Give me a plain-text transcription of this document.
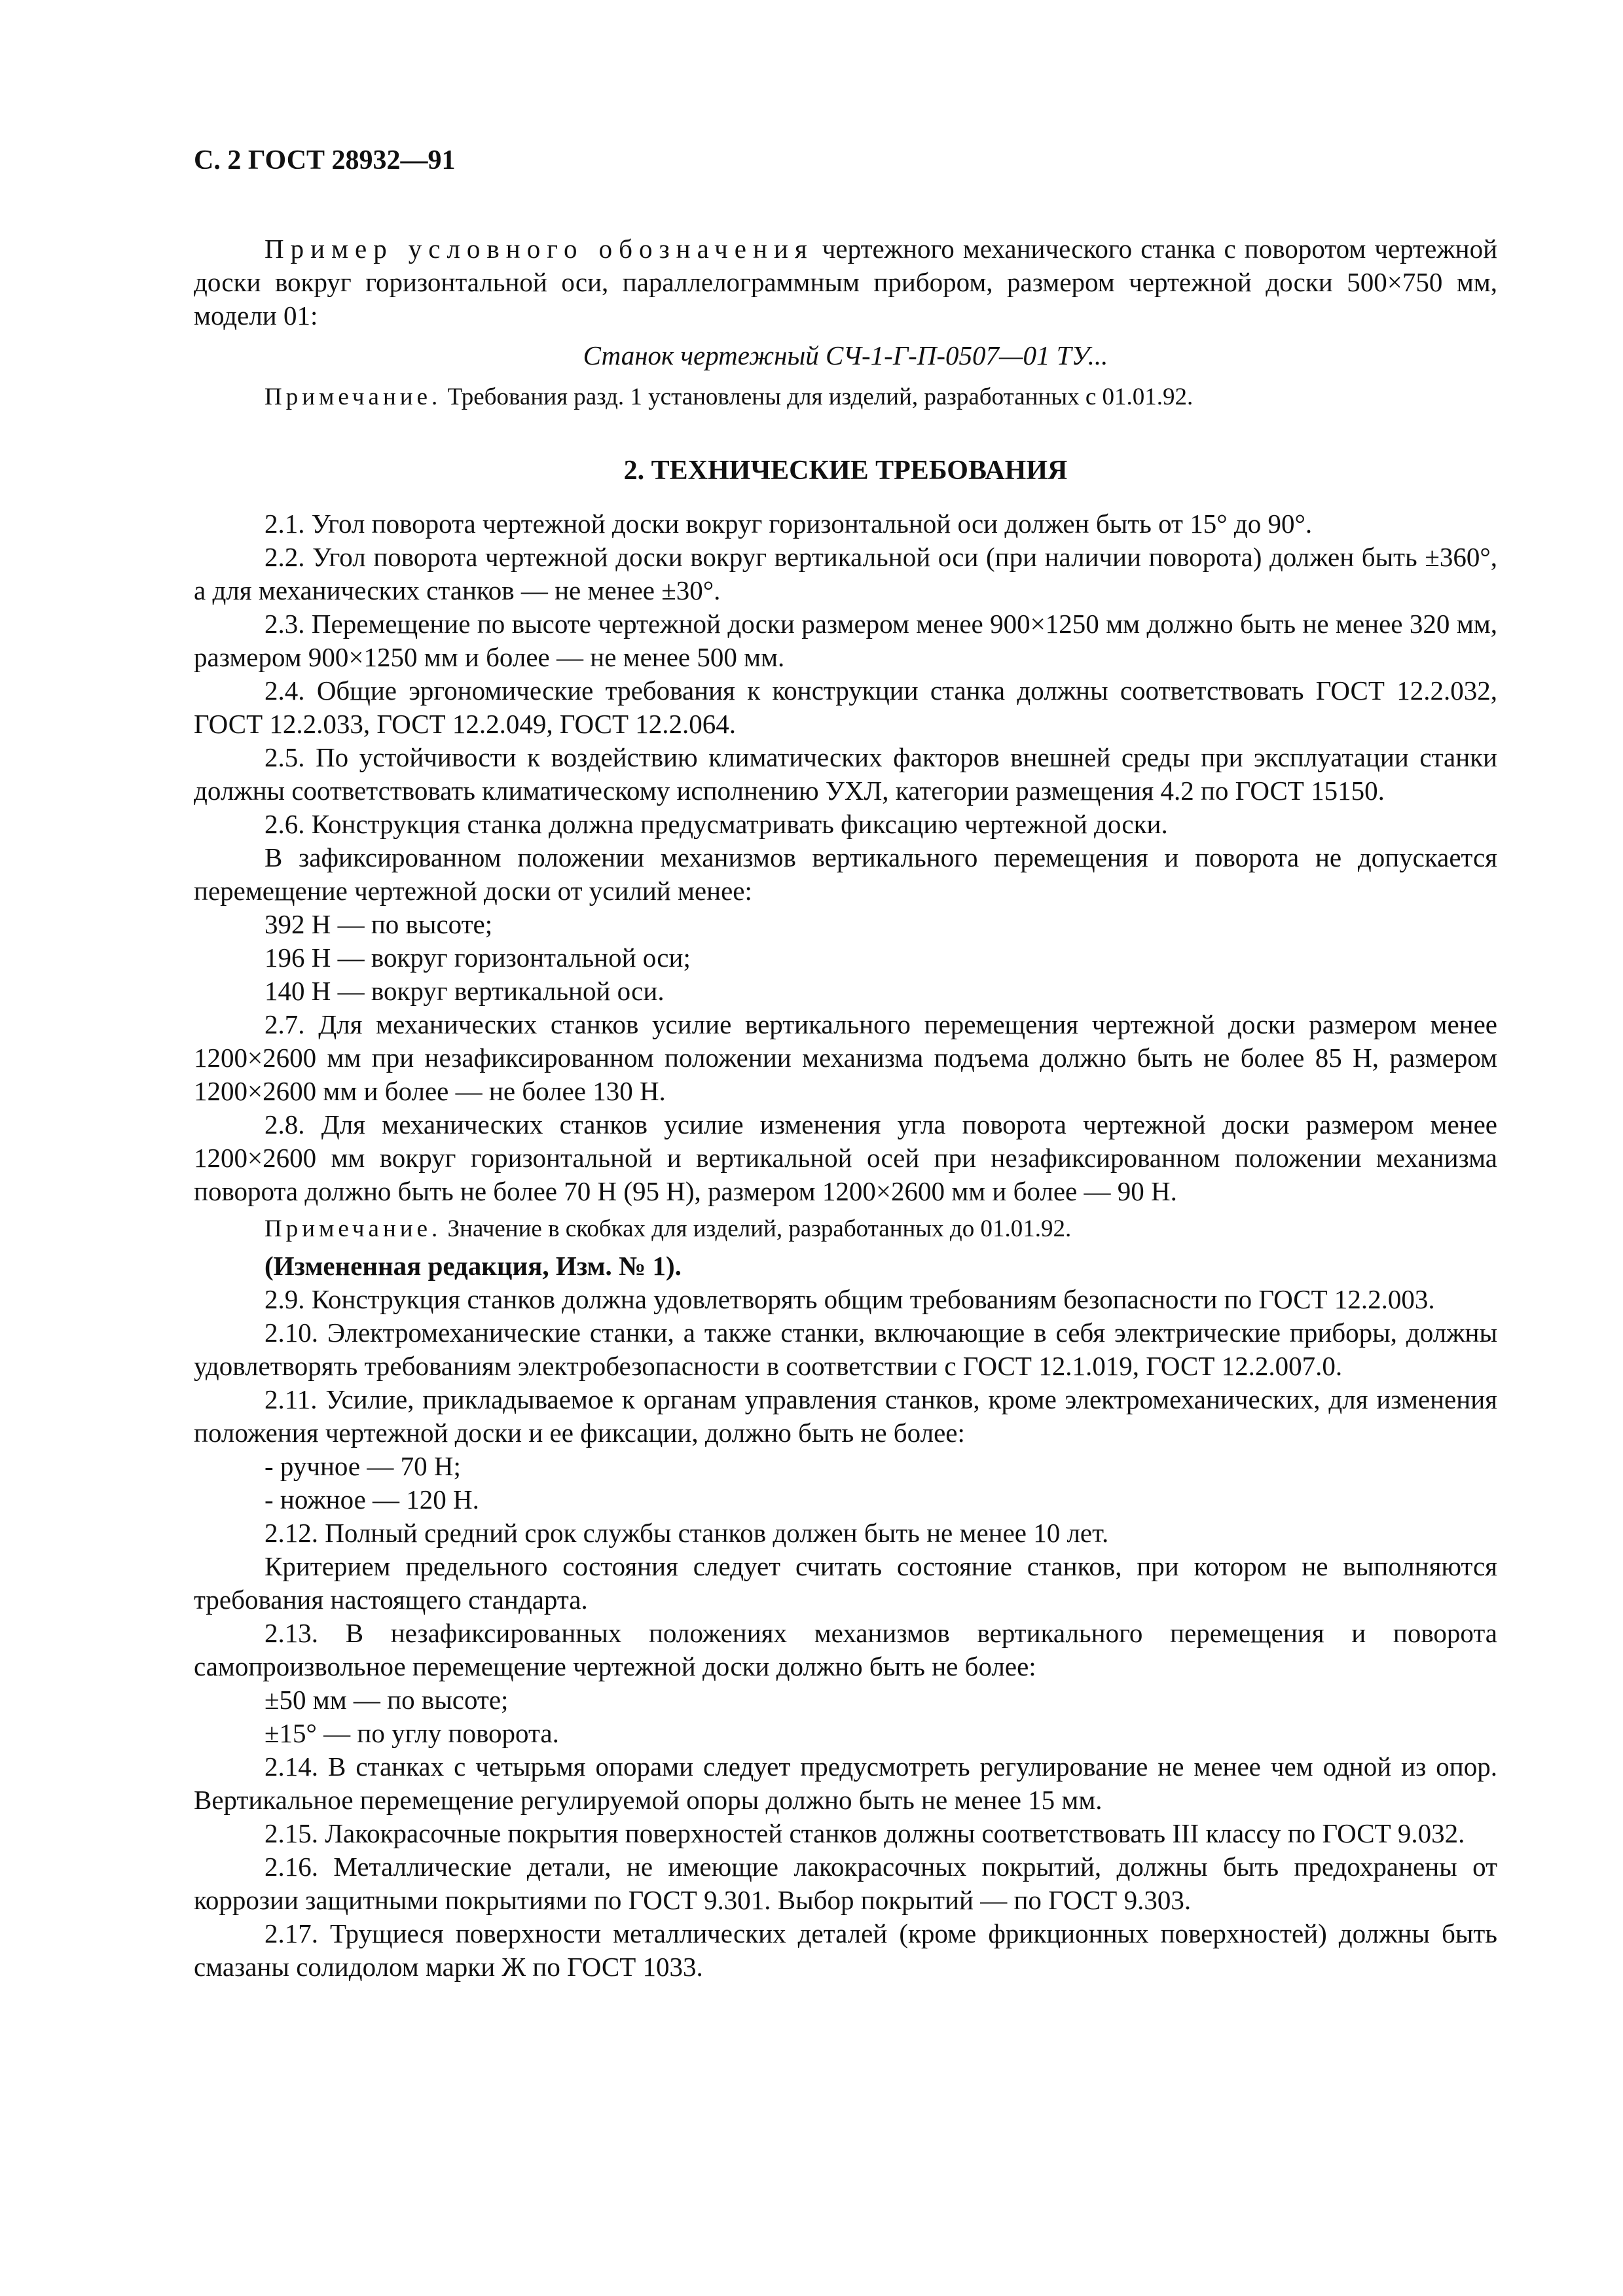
С. 2 ГОСТ 28932—91

Пример условного обозначения чертежного механического станка с поворотом чертежной доски вокруг горизонтальной оси, параллелограммным прибором, размером чертежной доски 500×750 мм, модели 01:

Станок чертежный СЧ-1-Г-П-0507—01 ТУ...

Примечание. Требования разд. 1 установлены для изделий, разработанных с 01.01.92.

2. ТЕХНИЧЕСКИЕ ТРЕБОВАНИЯ

2.1. Угол поворота чертежной доски вокруг горизонтальной оси должен быть от 15° до 90°.

2.2. Угол поворота чертежной доски вокруг вертикальной оси (при наличии поворота) должен быть ±360°, а для механических станков — не менее ±30°.

2.3. Перемещение по высоте чертежной доски размером менее 900×1250 мм должно быть не менее 320 мм, размером 900×1250 мм и более — не менее 500 мм.

2.4. Общие эргономические требования к конструкции станка должны соответствовать ГОСТ 12.2.032, ГОСТ 12.2.033, ГОСТ 12.2.049, ГОСТ 12.2.064.

2.5. По устойчивости к воздействию климатических факторов внешней среды при эксплуатации станки должны соответствовать климатическому исполнению УХЛ, категории размещения 4.2 по ГОСТ 15150.

2.6. Конструкция станка должна предусматривать фиксацию чертежной доски.

В зафиксированном положении механизмов вертикального перемещения и поворота не допускается перемещение чертежной доски от усилий менее:

392 Н — по высоте;

196 Н — вокруг горизонтальной оси;

140 Н — вокруг вертикальной оси.

2.7. Для механических станков усилие вертикального перемещения чертежной доски размером менее 1200×2600 мм при незафиксированном положении механизма подъема должно быть не более 85 Н, размером 1200×2600 мм и более — не более 130 Н.

2.8. Для механических станков усилие изменения угла поворота чертежной доски размером менее 1200×2600 мм вокруг горизонтальной и вертикальной осей при незафиксированном положении механизма поворота должно быть не более 70 Н (95 Н), размером 1200×2600 мм и более — 90 Н.

Примечание. Значение в скобках для изделий, разработанных до 01.01.92.

(Измененная редакция, Изм. № 1).

2.9. Конструкция станков должна удовлетворять общим требованиям безопасности по ГОСТ 12.2.003.

2.10. Электромеханические станки, а также станки, включающие в себя электрические приборы, должны удовлетворять требованиям электробезопасности в соответствии с ГОСТ 12.1.019, ГОСТ 12.2.007.0.

2.11. Усилие, прикладываемое к органам управления станков, кроме электромеханических, для изменения положения чертежной доски и ее фиксации, должно быть не более:

- ручное — 70 Н;

- ножное — 120 Н.

2.12. Полный средний срок службы станков должен быть не менее 10 лет.

Критерием предельного состояния следует считать состояние станков, при котором не выполняются требования настоящего стандарта.

2.13. В незафиксированных положениях механизмов вертикального перемещения и поворота самопроизвольное перемещение чертежной доски должно быть не более:

±50 мм — по высоте;

±15° — по углу поворота.

2.14. В станках с четырьмя опорами следует предусмотреть регулирование не менее чем одной из опор. Вертикальное перемещение регулируемой опоры должно быть не менее 15 мм.

2.15. Лакокрасочные покрытия поверхностей станков должны соответствовать III классу по ГОСТ 9.032.

2.16. Металлические детали, не имеющие лакокрасочных покрытий, должны быть предохранены от коррозии защитными покрытиями по ГОСТ 9.301. Выбор покрытий — по ГОСТ 9.303.

2.17. Трущиеся поверхности металлических деталей (кроме фрикционных поверхностей) должны быть смазаны солидолом марки Ж по ГОСТ 1033.
